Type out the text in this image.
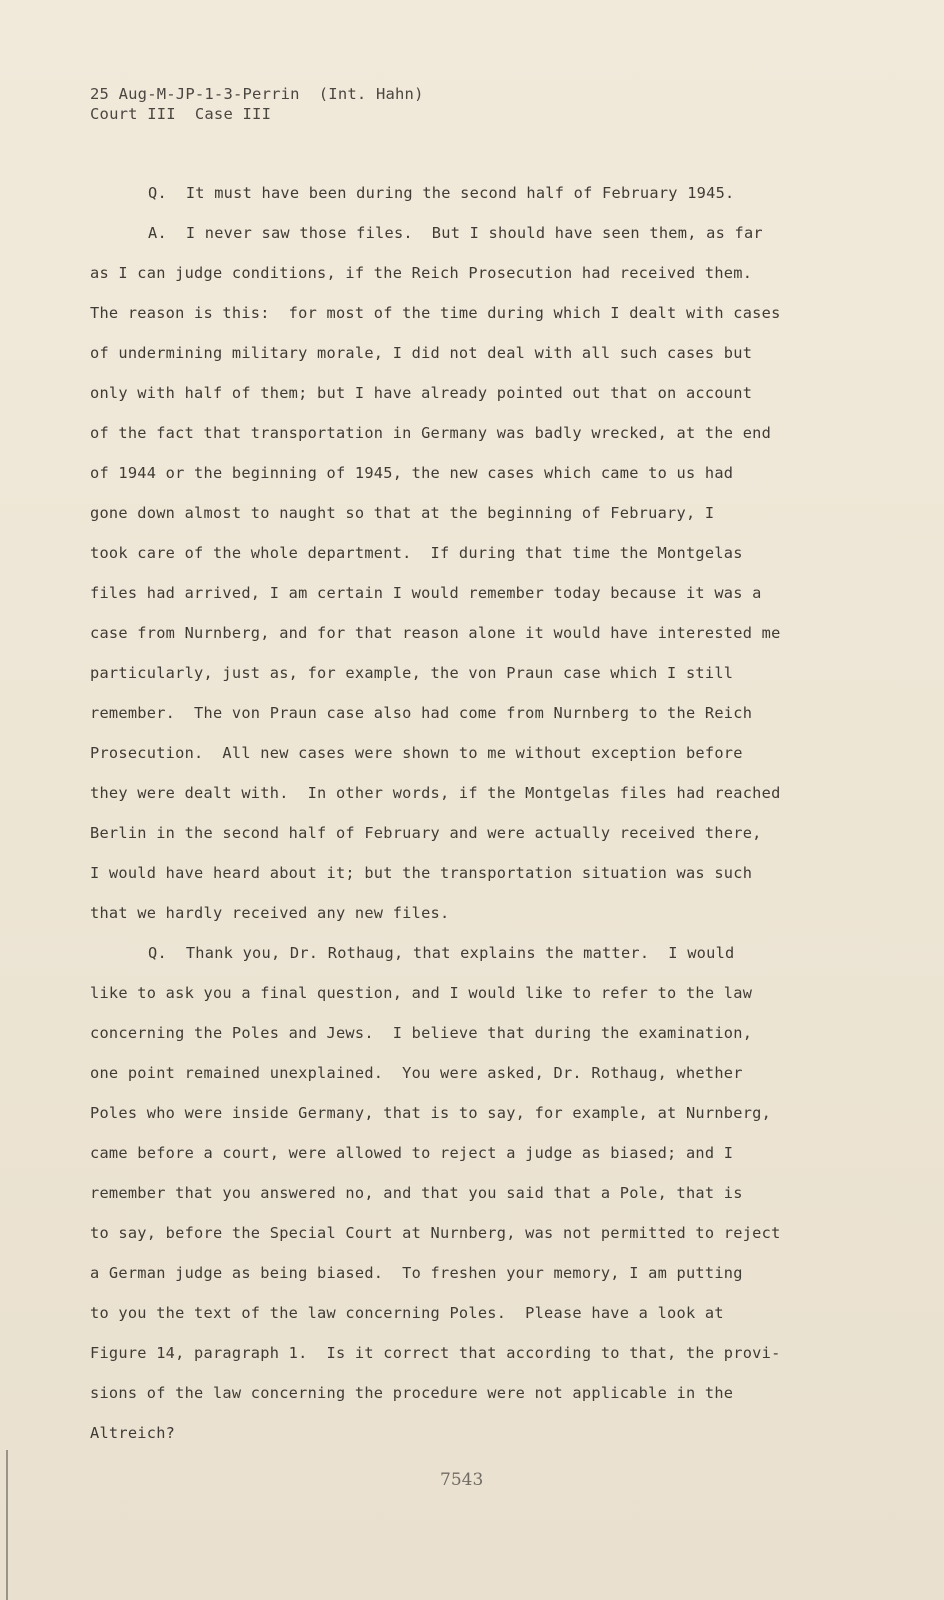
25 Aug-M-JP-1-3-Perrin  (Int. Hahn)
Court III  Case III
Q.  It must have been during the second half of February 1945.
A.  I never saw those files.  But I should have seen them, as far
as I can judge conditions, if the Reich Prosecution had received them.
The reason is this:  for most of the time during which I dealt with cases
of undermining military morale, I did not deal with all such cases but
only with half of them; but I have already pointed out that on account
of the fact that transportation in Germany was badly wrecked, at the end
of 1944 or the beginning of 1945, the new cases which came to us had
gone down almost to naught so that at the beginning of February, I
took care of the whole department.  If during that time the Montgelas
files had arrived, I am certain I would remember today because it was a
case from Nurnberg, and for that reason alone it would have interested me
particularly, just as, for example, the von Praun case which I still
remember.  The von Praun case also had come from Nurnberg to the Reich
Prosecution.  All new cases were shown to me without exception before
they were dealt with.  In other words, if the Montgelas files had reached
Berlin in the second half of February and were actually received there,
I would have heard about it; but the transportation situation was such
that we hardly received any new files.
Q.  Thank you, Dr. Rothaug, that explains the matter.  I would
like to ask you a final question, and I would like to refer to the law
concerning the Poles and Jews.  I believe that during the examination,
one point remained unexplained.  You were asked, Dr. Rothaug, whether
Poles who were inside Germany, that is to say, for example, at Nurnberg,
came before a court, were allowed to reject a judge as biased; and I
remember that you answered no, and that you said that a Pole, that is
to say, before the Special Court at Nurnberg, was not permitted to reject
a German judge as being biased.  To freshen your memory, I am putting
to you the text of the law concerning Poles.  Please have a look at
Figure 14, paragraph 1.  Is it correct that according to that, the provi-
sions of the law concerning the procedure were not applicable in the
Altreich?
7543
